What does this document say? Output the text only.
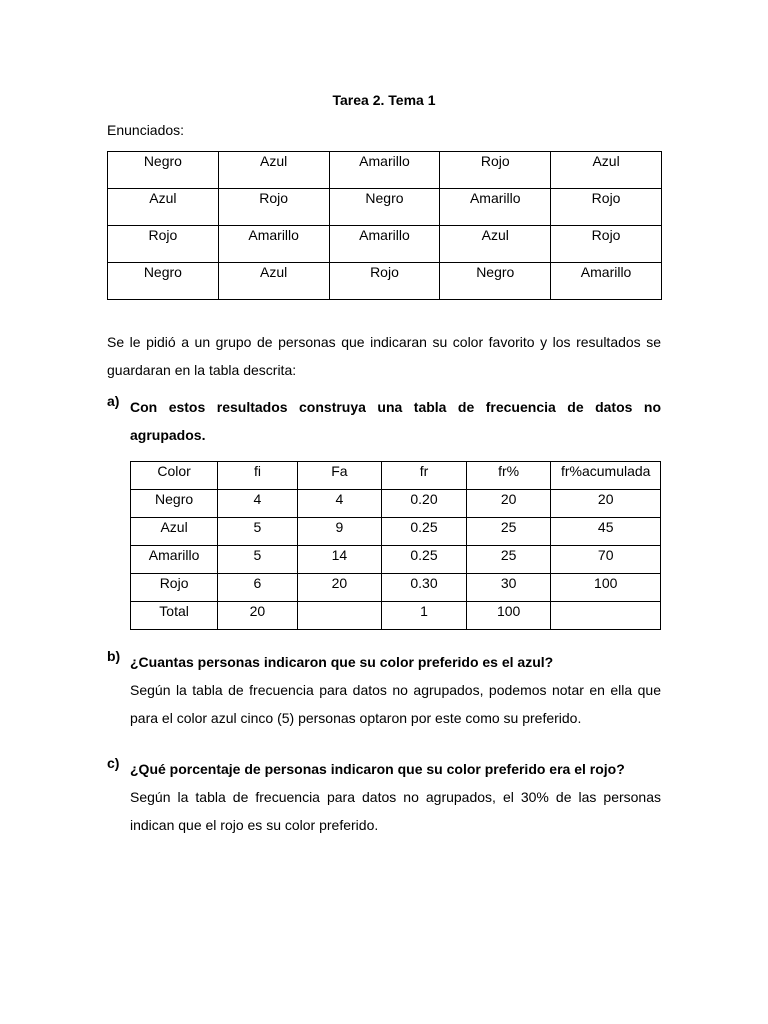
Tarea 2. Tema 1
Enunciados:
Negro	Azul	Amarillo	Rojo	Azul
Azul	Rojo	Negro	Amarillo	Rojo
Rojo	Amarillo	Amarillo	Azul	Rojo
Negro	Azul	Rojo	Negro	Amarillo
Se le pidió a un grupo de personas que indicaran su color favorito y los resultados se guardaran en la tabla descrita:
a) Con estos resultados construya una tabla de frecuencia de datos no agrupados.
Color	fi	Fa	fr	fr%	fr%acumulada
Negro	4	4	0.20	20	20
Azul	5	9	0.25	25	45
Amarillo	5	14	0.25	25	70
Rojo	6	20	0.30	30	100
Total	20		1	100	
b) ¿Cuantas personas indicaron que su color preferido es el azul?
Según la tabla de frecuencia para datos no agrupados, podemos notar en ella que para el color azul cinco (5) personas optaron por este como su preferido.
c) ¿Qué porcentaje de personas indicaron que su color preferido era el rojo?
Según la tabla de frecuencia para datos no agrupados, el 30% de las personas indican que el rojo es su color preferido.
